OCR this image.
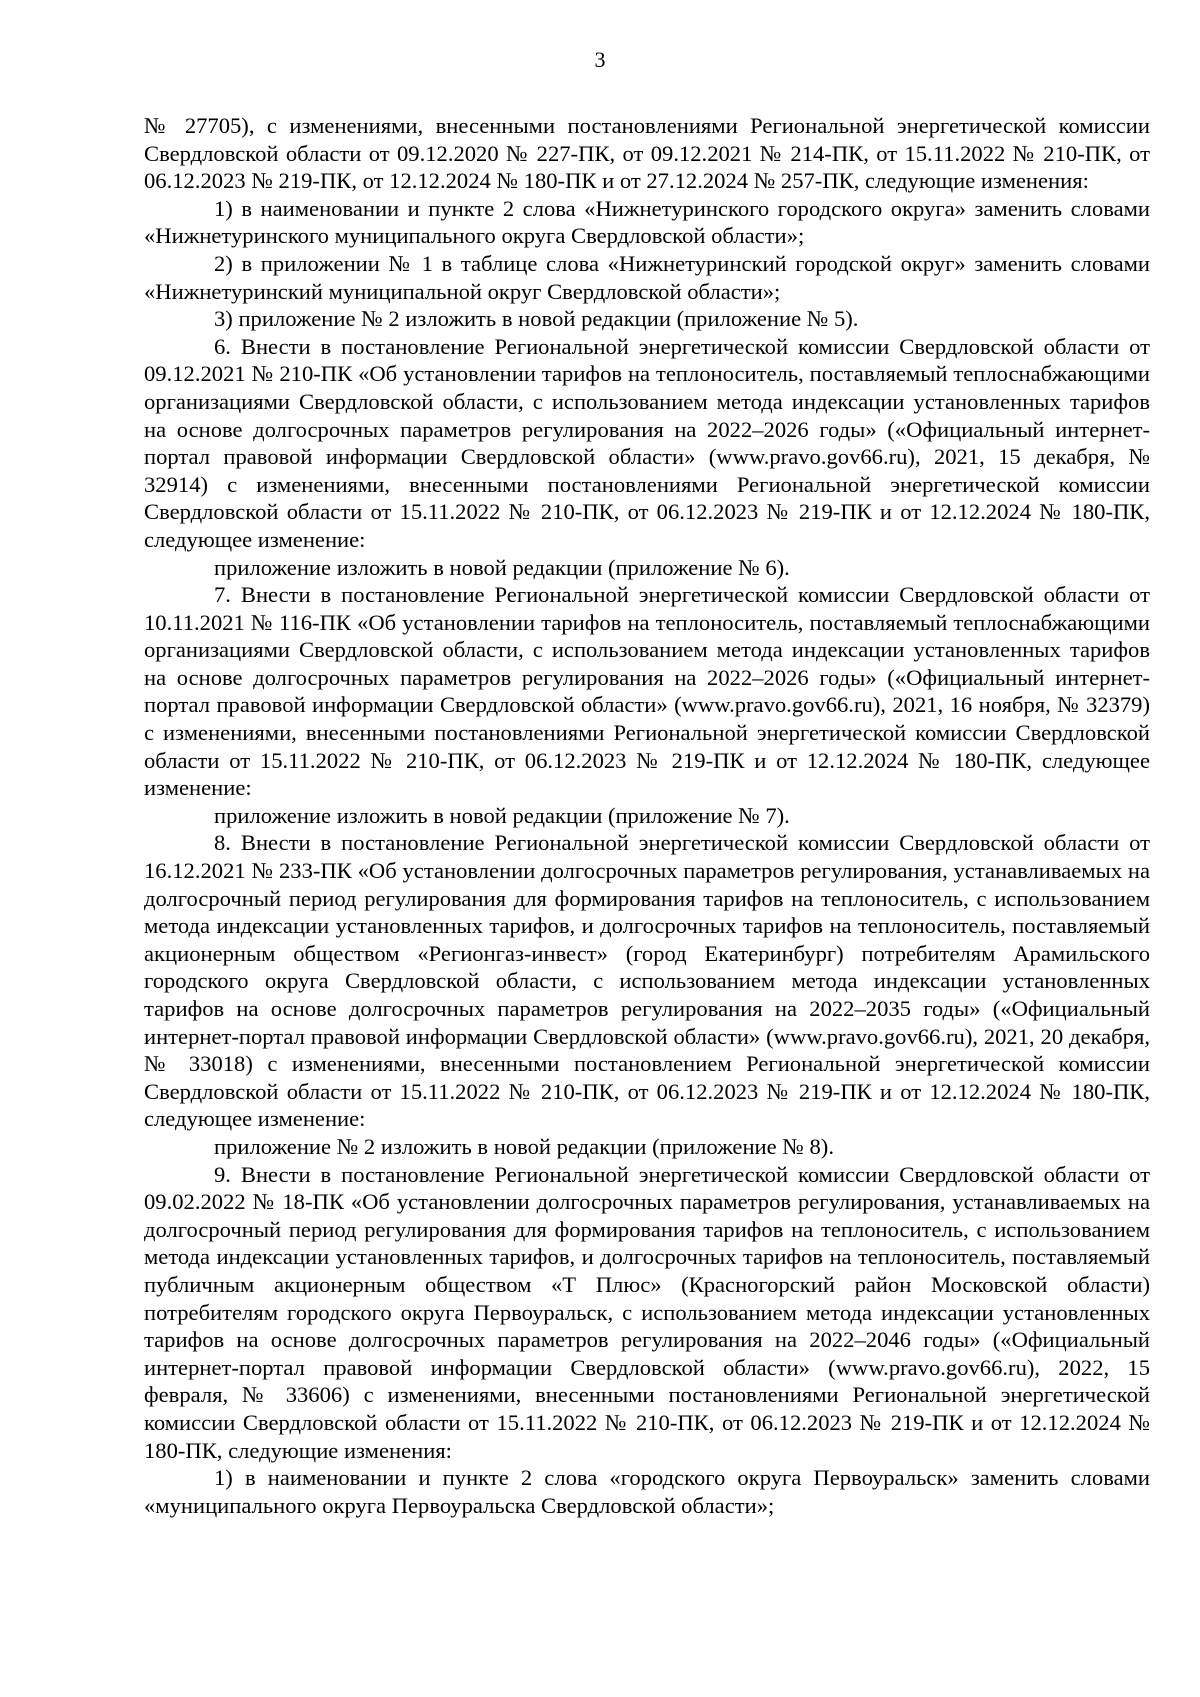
3

№ 27705), с изменениями, внесенными постановлениями Региональной энергетической комиссии Свердловской области от 09.12.2020 № 227-ПК, от 09.12.2021 № 214-ПК, от 15.11.2022 № 210-ПК, от 06.12.2023 № 219-ПК, от 12.12.2024 № 180-ПК и от 27.12.2024 № 257-ПК, следующие изменения:

1) в наименовании и пункте 2 слова «Нижнетуринского городского округа» заменить словами «Нижнетуринского муниципального округа Свердловской области»;

2) в приложении № 1 в таблице слова «Нижнетуринский городской округ» заменить словами «Нижнетуринский муниципальной округ Свердловской области»;

3) приложение № 2 изложить в новой редакции (приложение № 5).

6. Внести в постановление Региональной энергетической комиссии Свердловской области от 09.12.2021 № 210-ПК «Об установлении тарифов на теплоноситель, поставляемый теплоснабжающими организациями Свердловской области, с использованием метода индексации установленных тарифов на основе долгосрочных параметров регулирования на 2022–2026 годы» («Официальный интернет-портал правовой информации Свердловской области» (www.pravo.gov66.ru), 2021, 15 декабря, № 32914) с изменениями, внесенными постановлениями Региональной энергетической комиссии Свердловской области от 15.11.2022 № 210-ПК, от 06.12.2023 № 219-ПК и от 12.12.2024 № 180-ПК, следующее изменение:

приложение изложить в новой редакции (приложение № 6).

7. Внести в постановление Региональной энергетической комиссии Свердловской области от 10.11.2021 № 116-ПК «Об установлении тарифов на теплоноситель, поставляемый теплоснабжающими организациями Свердловской области, с использованием метода индексации установленных тарифов на основе долгосрочных параметров регулирования на 2022–2026 годы» («Официальный интернет-портал правовой информации Свердловской области» (www.pravo.gov66.ru), 2021, 16 ноября, № 32379) с изменениями, внесенными постановлениями Региональной энергетической комиссии Свердловской области от 15.11.2022 № 210-ПК, от 06.12.2023 № 219-ПК и от 12.12.2024 № 180-ПК, следующее изменение:

приложение изложить в новой редакции (приложение № 7).

8. Внести в постановление Региональной энергетической комиссии Свердловской области от 16.12.2021 № 233-ПК «Об установлении долгосрочных параметров регулирования, устанавливаемых на долгосрочный период регулирования для формирования тарифов на теплоноситель, с использованием метода индексации установленных тарифов, и долгосрочных тарифов на теплоноситель, поставляемый акционерным обществом «Регионгаз-инвест» (город Екатеринбург) потребителям Арамильского городского округа Свердловской области, с использованием метода индексации установленных тарифов на основе долгосрочных параметров регулирования на 2022–2035 годы» («Официальный интернет-портал правовой информации Свердловской области» (www.pravo.gov66.ru), 2021, 20 декабря, № 33018) с изменениями, внесенными постановлением Региональной энергетической комиссии Свердловской области от 15.11.2022 № 210-ПК, от 06.12.2023 № 219-ПК и от 12.12.2024 № 180-ПК, следующее изменение:

приложение № 2 изложить в новой редакции (приложение № 8).

9. Внести в постановление Региональной энергетической комиссии Свердловской области от 09.02.2022 № 18-ПК «Об установлении долгосрочных параметров регулирования, устанавливаемых на долгосрочный период регулирования для формирования тарифов на теплоноситель, с использованием метода индексации установленных тарифов, и долгосрочных тарифов на теплоноситель, поставляемый публичным акционерным обществом «Т Плюс» (Красногорский район Московской области) потребителям городского округа Первоуральск, с использованием метода индексации установленных тарифов на основе долгосрочных параметров регулирования на 2022–2046 годы» («Официальный интернет-портал правовой информации Свердловской области» (www.pravo.gov66.ru), 2022, 15 февраля, № 33606) с изменениями, внесенными постановлениями Региональной энергетической комиссии Свердловской области от 15.11.2022 № 210-ПК, от 06.12.2023 № 219-ПК и от 12.12.2024 № 180-ПК, следующие изменения:

1) в наименовании и пункте 2 слова «городского округа Первоуральск» заменить словами «муниципального округа Первоуральска Свердловской области»;
